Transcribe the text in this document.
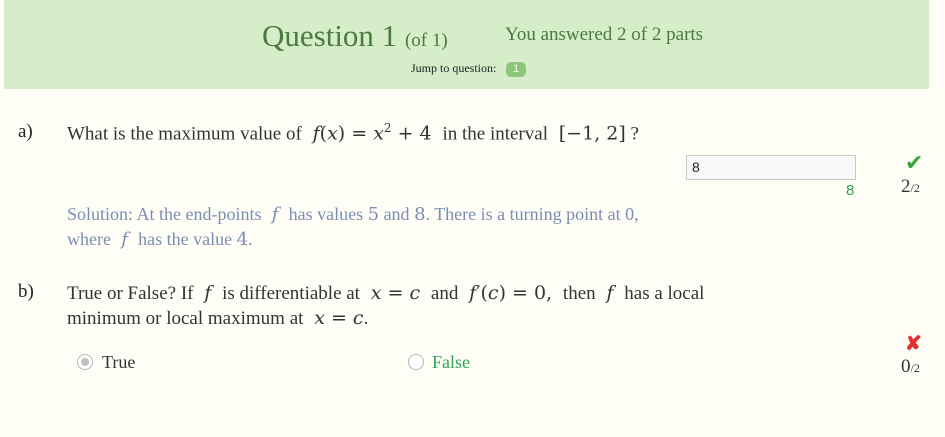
Question 1 (of 1)	You answered 2 of 2 parts
Jump to question:	1
a) What is the maximum value of  $f(x) = x^2 + 4$  in the interval  [−1, 2] ?
8
8
✔
2/2
Solution: At the end-points  f  has values 5 and 8. There is a turning point at 0,
where  f  has the value 4.
b) True or False? If  f  is differentiable at  x = c  and  f′(c) = 0,  then  f  has a local
minimum or local maximum at  x = c.
True	False
✘
0/2
